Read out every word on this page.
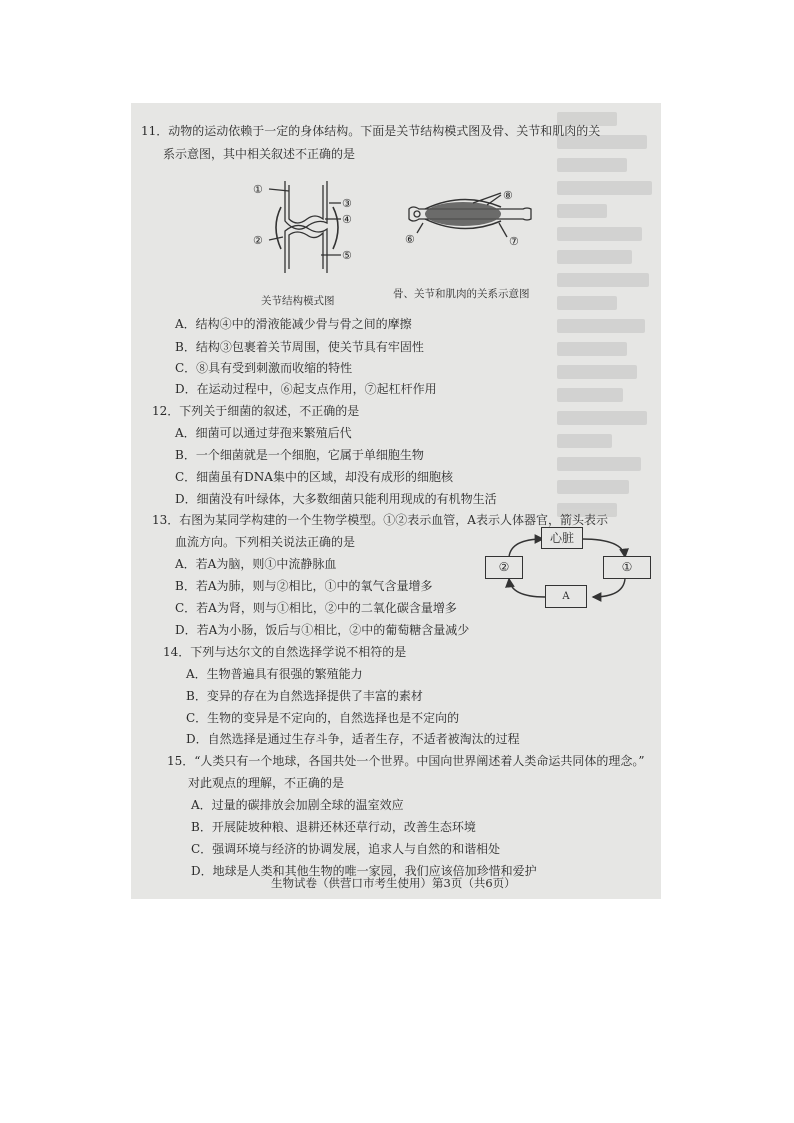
11．动物的运动依赖于一定的身体结构。下面是关节结构模式图及骨、关节和肌肉的关
系示意图，其中相关叙述不正确的是
①
②
③
④
⑤
⑧
⑦
⑥
关节结构模式图
骨、关节和肌肉的关系示意图
A．结构④中的滑液能减少骨与骨之间的摩擦
B．结构③包裹着关节周围，使关节具有牢固性
C．⑧具有受到刺激而收缩的特性
D．在运动过程中，⑥起支点作用，⑦起杠杆作用
12．下列关于细菌的叙述，不正确的是
A．细菌可以通过芽孢来繁殖后代
B．一个细菌就是一个细胞，它属于单细胞生物
C．细菌虽有DNA集中的区域，却没有成形的细胞核
D．细菌没有叶绿体，大多数细菌只能利用现成的有机物生活
13．右图为某同学构建的一个生物学模型。①②表示血管，A表示人体器官，箭头表示
血流方向。下列相关说法正确的是
A．若A为脑，则①中流静脉血
B．若A为肺，则与②相比，①中的氧气含量增多
C．若A为肾，则与①相比，②中的二氧化碳含量增多
D．若A为小肠，饭后与①相比，②中的葡萄糖含量减少
心脏
②	①
A
14．下列与达尔文的自然选择学说不相符的是
A．生物普遍具有很强的繁殖能力
B．变异的存在为自然选择提供了丰富的素材
C．生物的变异是不定向的，自然选择也是不定向的
D．自然选择是通过生存斗争，适者生存，不适者被淘汰的过程
15．“人类只有一个地球，各国共处一个世界。中国向世界阐述着人类命运共同体的理念。”
对此观点的理解，不正确的是
A．过量的碳排放会加剧全球的温室效应
B．开展陡坡种粮、退耕还林还草行动，改善生态环境
C．强调环境与经济的协调发展，追求人与自然的和谐相处
D．地球是人类和其他生物的唯一家园，我们应该倍加珍惜和爱护
生物试卷（供营口市考生使用）第3页（共6页）
